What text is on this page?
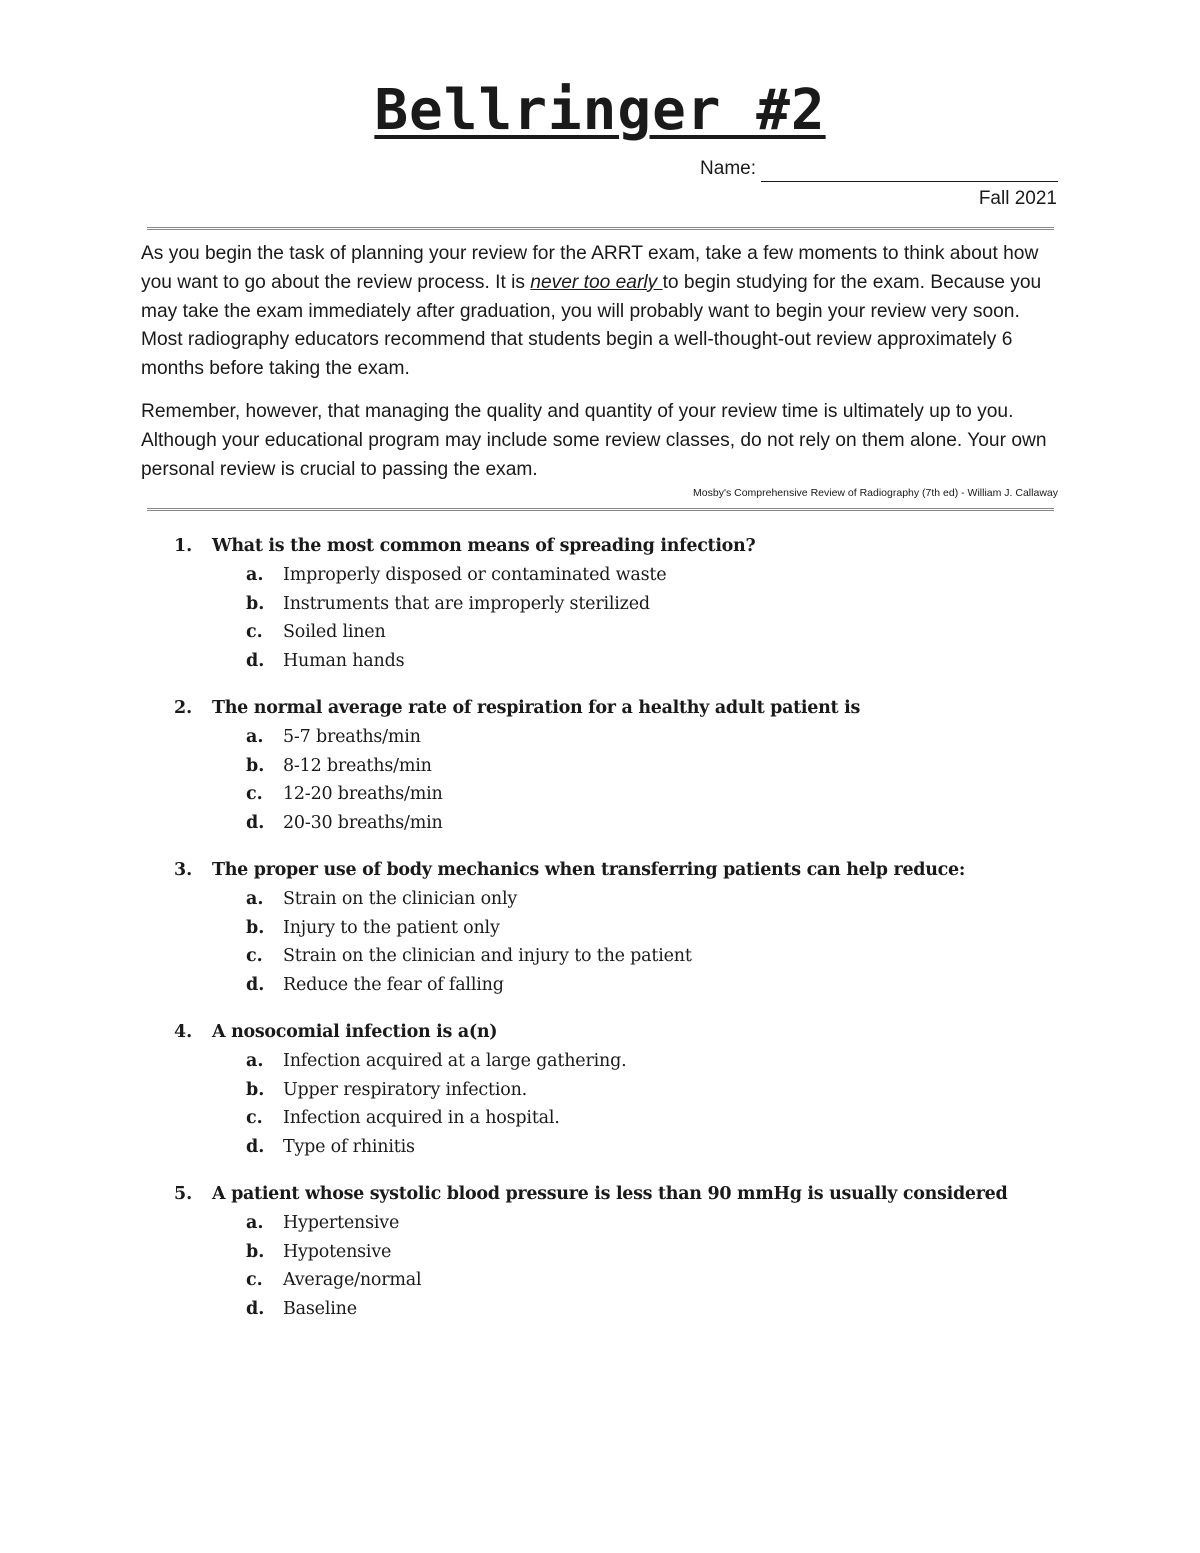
Bellringer #2
Name:
Fall 2021

As you begin the task of planning your review for the ARRT exam, take a few moments to think about how you want to go about the review process. It is never too early to begin studying for the exam. Because you may take the exam immediately after graduation, you will probably want to begin your review very soon. Most radiography educators recommend that students begin a well-thought-out review approximately 6 months before taking the exam.

Remember, however, that managing the quality and quantity of your review time is ultimately up to you. Although your educational program may include some review classes, do not rely on them alone. Your own personal review is crucial to passing the exam.

Mosby's Comprehensive Review of Radiography (7th ed) - William J. Callaway
1. What is the most common means of spreading infection?
a. Improperly disposed or contaminated waste
b. Instruments that are improperly sterilized
c. Soiled linen
d. Human hands
2. The normal average rate of respiration for a healthy adult patient is
a. 5-7 breaths/min
b. 8-12 breaths/min
c. 12-20 breaths/min
d. 20-30 breaths/min
3. The proper use of body mechanics when transferring patients can help reduce:
a. Strain on the clinician only
b. Injury to the patient only
c. Strain on the clinician and injury to the patient
d. Reduce the fear of falling
4. A nosocomial infection is a(n)
a. Infection acquired at a large gathering.
b. Upper respiratory infection.
c. Infection acquired in a hospital.
d. Type of rhinitis
5. A patient whose systolic blood pressure is less than 90 mmHg is usually considered
a. Hypertensive
b. Hypotensive
c. Average/normal
d. Baseline
